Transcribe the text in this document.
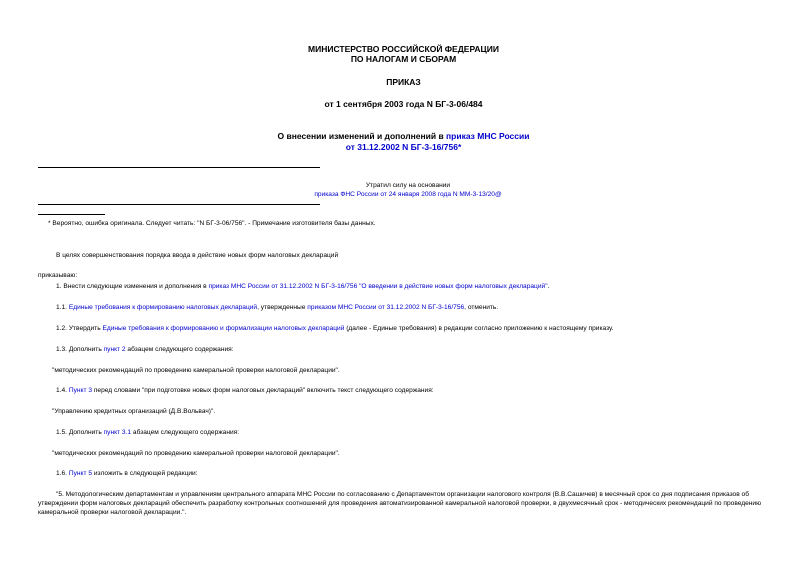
МИНИСТЕРСТВО РОССИЙСКОЙ ФЕДЕРАЦИИ
ПО НАЛОГАМ И СБОРАМ
ПРИКАЗ
от 1 сентября 2003 года N БГ-3-06/484
О внесении изменений и дополнений в приказ МНС России
от 31.12.2002 N БГ-3-16/756*
Утратил силу на основании
приказа ФНС России от 24 января 2008 года N ММ-3-13/20@
* Вероятно, ошибка оригинала. Следует читать: "N БГ-3-06/756". - Примечание изготовителя базы данных.
В целях совершенствования порядка ввода в действие новых форм налоговых деклараций
приказываю:
1. Внести следующие изменения и дополнения в приказ МНС России от 31.12.2002 N БГ-3-16/756 "О введении в действие новых форм налоговых деклараций".
1.1. Единые требования к формированию налоговых деклараций, утвержденные приказом МНС России от 31.12.2002 N БГ-3-16/756, отменить.
1.2. Утвердить Единые требования к формированию и формализации налоговых деклараций (далее - Единые требования) в редакции согласно приложению к настоящему приказу.
1.3. Дополнить пункт 2 абзацем следующего содержания:
"методических рекомендаций по проведению камеральной проверки налоговой декларации".
1.4. Пункт 3 перед словами "при подготовке новых форм налоговых деклараций" включить текст следующего содержания:
"Управлению кредитных организаций (Д.В.Вольвач)".
1.5. Дополнить пункт 3.1 абзацем следующего содержания:
"методических рекомендаций по проведению камеральной проверки налоговой декларации".
1.6. Пункт 5 изложить в следующей редакции:
"5. Методологическим департаментам и управлениям центрального аппарата МНС России по согласованию с Департаментом организации налогового контроля (В.В.Сашичев) в месячный срок со дня подписания приказов об утверждении форм налоговых деклараций обеспечить разработку контрольных соотношений для проведения автоматизированной камеральной налоговой проверки, в двухмесячный срок - методических рекомендаций по проведению камеральной проверки налоговой декларации.".
